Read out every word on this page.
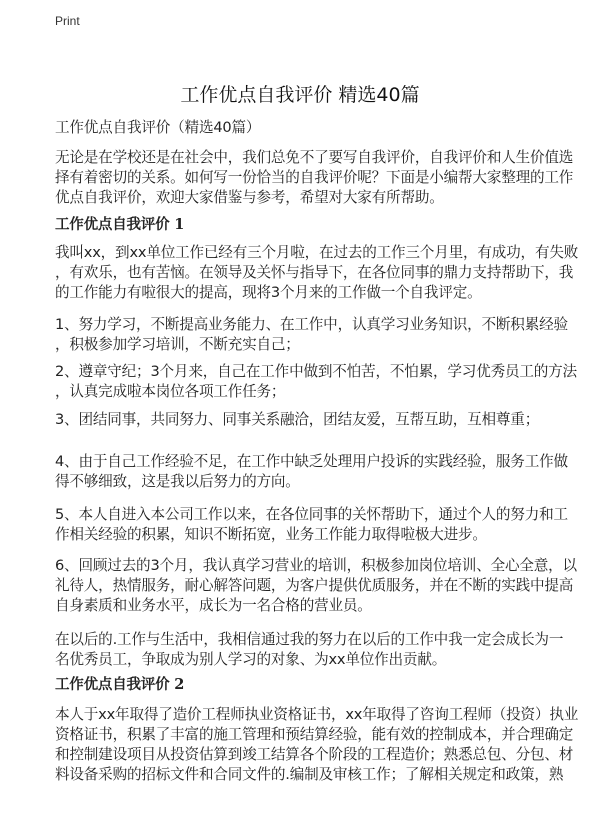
Print
工作优点自我评价 精选40篇
工作优点自我评价（精选40篇）
无论是在学校还是在社会中，我们总免不了要写自我评价，自我评价和人生价值选
择有着密切的关系。如何写一份恰当的自我评价呢？下面是小编帮大家整理的工作
优点自我评价，欢迎大家借鉴与参考，希望对大家有所帮助。
工作优点自我评价 1
我叫xx，到xx单位工作已经有三个月啦，在过去的工作三个月里，有成功，有失败
，有欢乐，也有苦恼。在领导及关怀与指导下，在各位同事的鼎力支持帮助下，我
的工作能力有啦很大的提高，现将3个月来的工作做一个自我评定。
1、努力学习，不断提高业务能力、在工作中，认真学习业务知识，不断积累经验
，积极参加学习培训，不断充实自己；
2、遵章守纪；3个月来，自己在工作中做到不怕苦，不怕累，学习优秀员工的方法
，认真完成啦本岗位各项工作任务；
3、团结同事，共同努力、同事关系融洽，团结友爱，互帮互助，互相尊重；
4、由于自己工作经验不足，在工作中缺乏处理用户投诉的实践经验，服务工作做
得不够细致，这是我以后努力的方向。
5、本人自进入本公司工作以来，在各位同事的关怀帮助下，通过个人的努力和工
作相关经验的积累，知识不断拓宽，业务工作能力取得啦极大进步。
6、回顾过去的3个月，我认真学习营业的培训，积极参加岗位培训、全心全意，以
礼待人，热情服务，耐心解答问题，为客户提供优质服务，并在不断的实践中提高
自身素质和业务水平，成长为一名合格的营业员。
在以后的.工作与生活中，我相信通过我的努力在以后的工作中我一定会成长为一
名优秀员工，争取成为别人学习的对象、为xx单位作出贡献。
工作优点自我评价 2
本人于xx年取得了造价工程师执业资格证书，xx年取得了咨询工程师（投资）执业
资格证书，积累了丰富的施工管理和预结算经验，能有效的控制成本，并合理确定
和控制建设项目从投资估算到竣工结算各个阶段的工程造价；熟悉总包、分包、材
料设备采购的招标文件和合同文件的.编制及审核工作；了解相关规定和政策，熟
